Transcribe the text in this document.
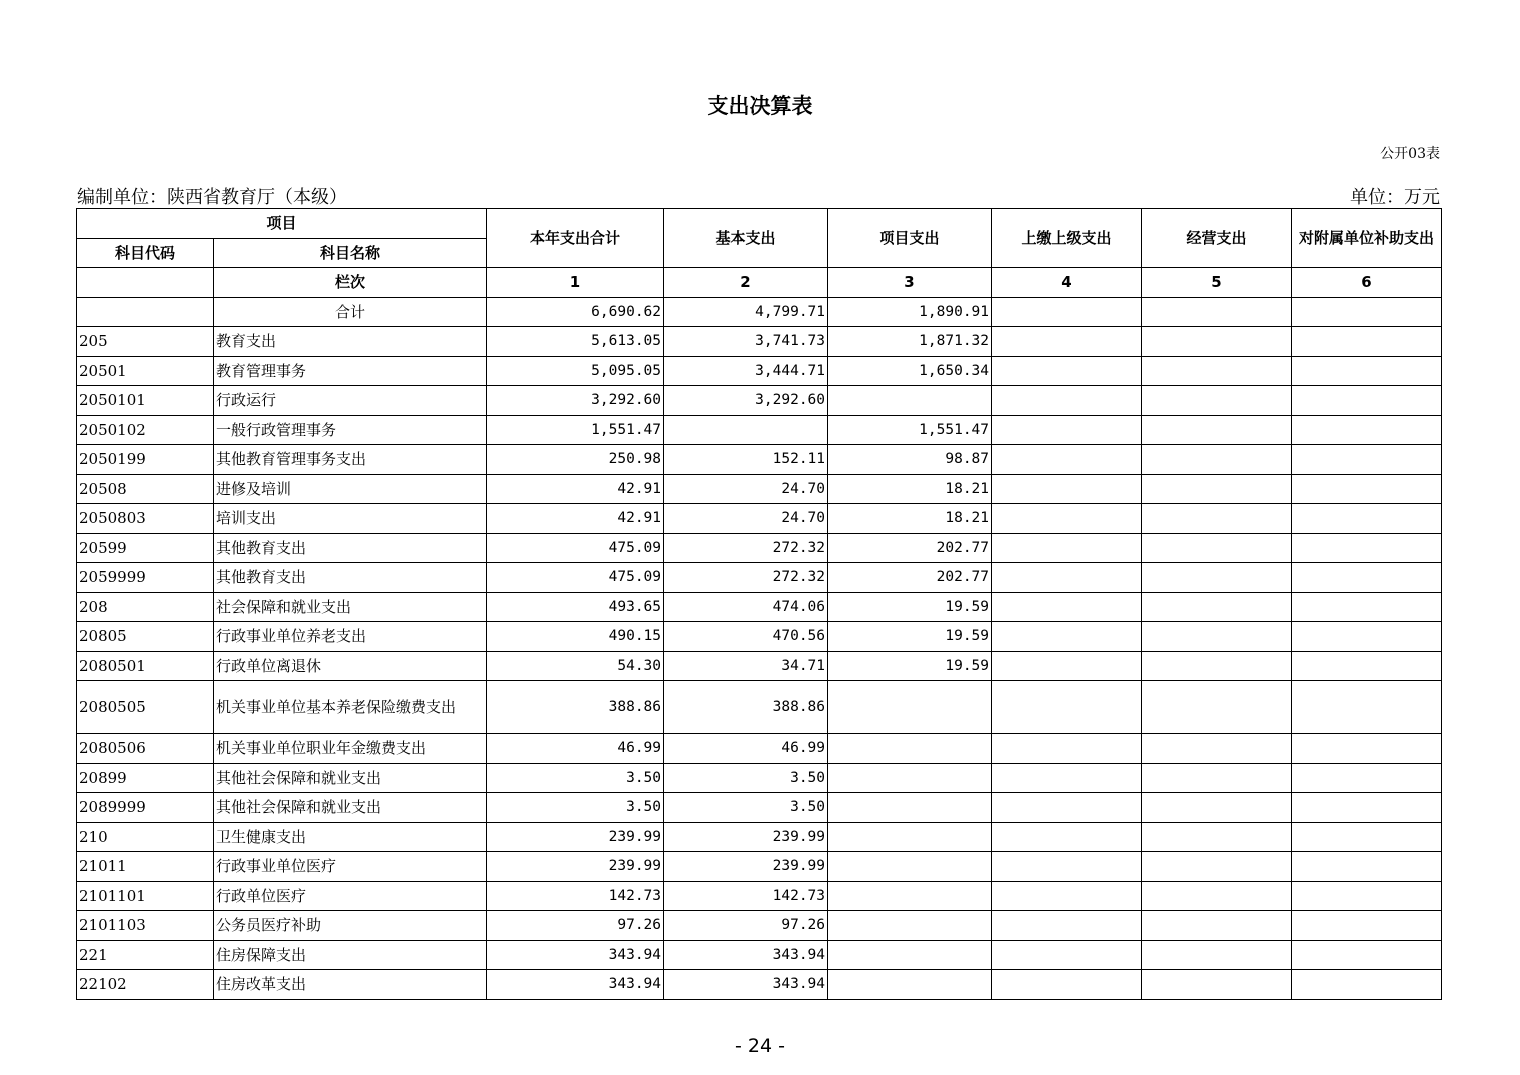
支出决算表
公开03表
编制单位：陕西省教育厅（本级）	单位：万元
项目		本年支出合计	基本支出	项目支出	上缴上级支出	经营支出	对附属单位补助支出
科目代码	科目名称						
	栏次	1	2	3	4	5	6
	合计	6,690.62	4,799.71	1,890.91			
205	教育支出	5,613.05	3,741.73	1,871.32			
20501	教育管理事务	5,095.05	3,444.71	1,650.34			
2050101	行政运行	3,292.60	3,292.60				
2050102	一般行政管理事务	1,551.47		1,551.47			
2050199	其他教育管理事务支出	250.98	152.11	98.87			
20508	进修及培训	42.91	24.70	18.21			
2050803	培训支出	42.91	24.70	18.21			
20599	其他教育支出	475.09	272.32	202.77			
2059999	其他教育支出	475.09	272.32	202.77			
208	社会保障和就业支出	493.65	474.06	19.59			
20805	行政事业单位养老支出	490.15	470.56	19.59			
2080501	行政单位离退休	54.30	34.71	19.59			
2080505	机关事业单位基本养老保险缴费支出	388.86	388.86				
2080506	机关事业单位职业年金缴费支出	46.99	46.99				
20899	其他社会保障和就业支出	3.50	3.50				
2089999	其他社会保障和就业支出	3.50	3.50				
210	卫生健康支出	239.99	239.99				
21011	行政事业单位医疗	239.99	239.99				
2101101	行政单位医疗	142.73	142.73				
2101103	公务员医疗补助	97.26	97.26				
221	住房保障支出	343.94	343.94				
22102	住房改革支出	343.94	343.94				
- 24 -
